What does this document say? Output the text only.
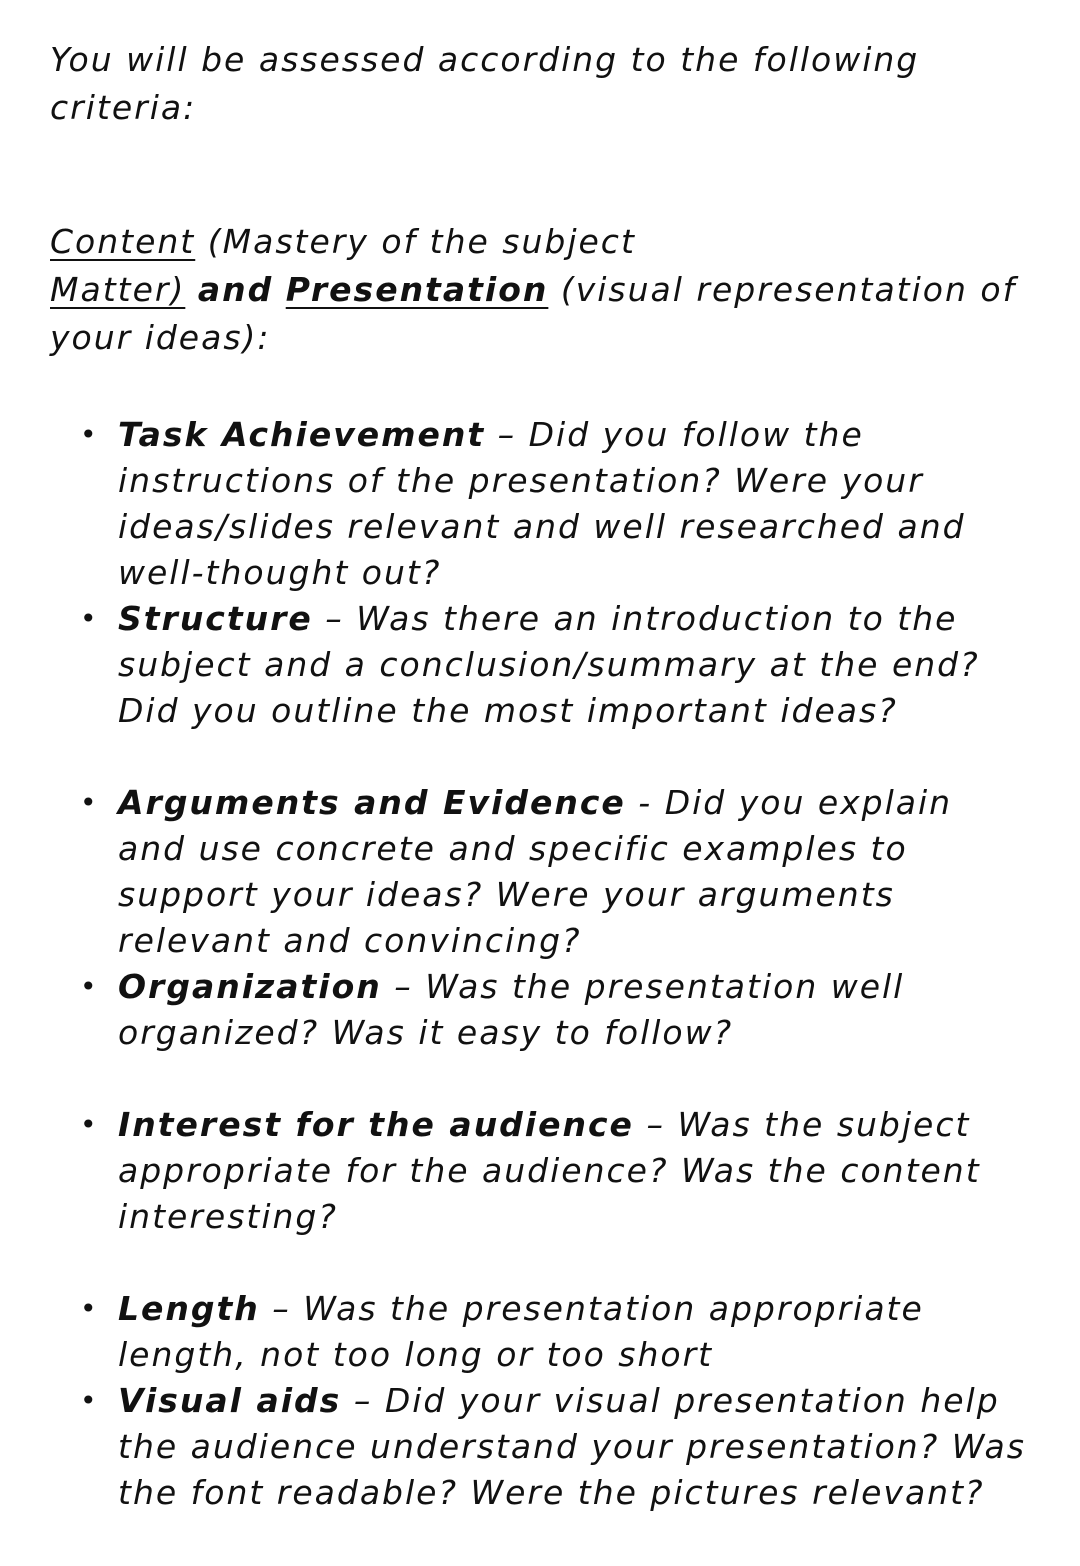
You will be assessed according to the following criteria:

Content (Mastery of the subject
Matter) and Presentation (visual representation of your ideas):

• Task Achievement – Did you follow the instructions of the presentation? Were your ideas/slides relevant and well researched and well-thought out?

• Structure – Was there an introduction to the subject and a conclusion/summary at the end? Did you outline the most important ideas?

• Arguments and Evidence - Did you explain and use concrete and specific examples to support your ideas? Were your arguments relevant and convincing?

• Organization – Was the presentation well organized? Was it easy to follow?

• Interest for the audience – Was the subject appropriate for the audience? Was the content interesting?

• Length – Was the presentation appropriate length, not too long or too short

• Visual aids – Did your visual presentation help the audience understand your presentation? Was the font readable? Were the pictures relevant?
